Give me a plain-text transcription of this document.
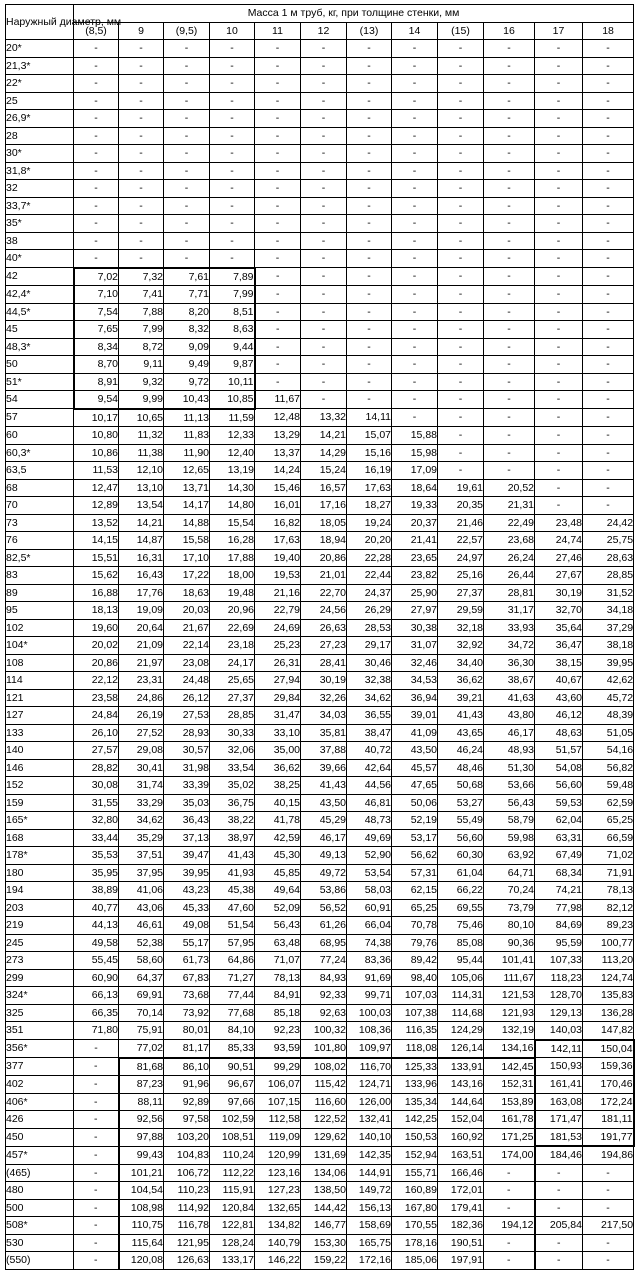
Наружный диаметр, мм	Масса 1 м труб, кг, при толщине стенки, мм											
	(8,5)	9	(9,5)	10	11	12	(13)	14	(15)	16	17	18
20*	-	-	-	-	-	-	-	-	-	-	-	-
21,3*	-	-	-	-	-	-	-	-	-	-	-	-
22*	-	-	-	-	-	-	-	-	-	-	-	-
25	-	-	-	-	-	-	-	-	-	-	-	-
26,9*	-	-	-	-	-	-	-	-	-	-	-	-
28	-	-	-	-	-	-	-	-	-	-	-	-
30*	-	-	-	-	-	-	-	-	-	-	-	-
31,8*	-	-	-	-	-	-	-	-	-	-	-	-
32	-	-	-	-	-	-	-	-	-	-	-	-
33,7*	-	-	-	-	-	-	-	-	-	-	-	-
35*	-	-	-	-	-	-	-	-	-	-	-	-
38	-	-	-	-	-	-	-	-	-	-	-	-
40*	-	-	-	-	-	-	-	-	-	-	-	-
42	7,02	7,32	7,61	7,89	-	-	-	-	-	-	-	-
42,4*	7,10	7,41	7,71	7,99	-	-	-	-	-	-	-	-
44,5*	7,54	7,88	8,20	8,51	-	-	-	-	-	-	-	-
45	7,65	7,99	8,32	8,63	-	-	-	-	-	-	-	-
48,3*	8,34	8,72	9,09	9,44	-	-	-	-	-	-	-	-
50	8,70	9,11	9,49	9,87	-	-	-	-	-	-	-	-
51*	8,91	9,32	9,72	10,11	-	-	-	-	-	-	-	-
54	9,54	9,99	10,43	10,85	11,67	-	-	-	-	-	-	-
57	10,17	10,65	11,13	11,59	12,48	13,32	14,11	-	-	-	-	-
60	10,80	11,32	11,83	12,33	13,29	14,21	15,07	15,88	-	-	-	-
60,3*	10,86	11,38	11,90	12,40	13,37	14,29	15,16	15,98	-	-	-	-
63,5	11,53	12,10	12,65	13,19	14,24	15,24	16,19	17,09	-	-	-	-
68	12,47	13,10	13,71	14,30	15,46	16,57	17,63	18,64	19,61	20,52	-	-
70	12,89	13,54	14,17	14,80	16,01	17,16	18,27	19,33	20,35	21,31	-	-
73	13,52	14,21	14,88	15,54	16,82	18,05	19,24	20,37	21,46	22,49	23,48	24,42
76	14,15	14,87	15,58	16,28	17,63	18,94	20,20	21,41	22,57	23,68	24,74	25,75
82,5*	15,51	16,31	17,10	17,88	19,40	20,86	22,28	23,65	24,97	26,24	27,46	28,63
83	15,62	16,43	17,22	18,00	19,53	21,01	22,44	23,82	25,16	26,44	27,67	28,85
89	16,88	17,76	18,63	19,48	21,16	22,70	24,37	25,90	27,37	28,81	30,19	31,52
95	18,13	19,09	20,03	20,96	22,79	24,56	26,29	27,97	29,59	31,17	32,70	34,18
102	19,60	20,64	21,67	22,69	24,69	26,63	28,53	30,38	32,18	33,93	35,64	37,29
104*	20,02	21,09	22,14	23,18	25,23	27,23	29,17	31,07	32,92	34,72	36,47	38,18
108	20,86	21,97	23,08	24,17	26,31	28,41	30,46	32,46	34,40	36,30	38,15	39,95
114	22,12	23,31	24,48	25,65	27,94	30,19	32,38	34,53	36,62	38,67	40,67	42,62
121	23,58	24,86	26,12	27,37	29,84	32,26	34,62	36,94	39,21	41,63	43,60	45,72
127	24,84	26,19	27,53	28,85	31,47	34,03	36,55	39,01	41,43	43,80	46,12	48,39
133	26,10	27,52	28,93	30,33	33,10	35,81	38,47	41,09	43,65	46,17	48,63	51,05
140	27,57	29,08	30,57	32,06	35,00	37,88	40,72	43,50	46,24	48,93	51,57	54,16
146	28,82	30,41	31,98	33,54	36,62	39,66	42,64	45,57	48,46	51,30	54,08	56,82
152	30,08	31,74	33,39	35,02	38,25	41,43	44,56	47,65	50,68	53,66	56,60	59,48
159	31,55	33,29	35,03	36,75	40,15	43,50	46,81	50,06	53,27	56,43	59,53	62,59
165*	32,80	34,62	36,43	38,22	41,78	45,29	48,73	52,19	55,49	58,79	62,04	65,25
168	33,44	35,29	37,13	38,97	42,59	46,17	49,69	53,17	56,60	59,98	63,31	66,59
178*	35,53	37,51	39,47	41,43	45,30	49,13	52,90	56,62	60,30	63,92	67,49	71,02
180	35,95	37,95	39,95	41,93	45,85	49,72	53,54	57,31	61,04	64,71	68,34	71,91
194	38,89	41,06	43,23	45,38	49,64	53,86	58,03	62,15	66,22	70,24	74,21	78,13
203	40,77	43,06	45,33	47,60	52,09	56,52	60,91	65,25	69,55	73,79	77,98	82,12
219	44,13	46,61	49,08	51,54	56,43	61,26	66,04	70,78	75,46	80,10	84,69	89,23
245	49,58	52,38	55,17	57,95	63,48	68,95	74,38	79,76	85,08	90,36	95,59	100,77
273	55,45	58,60	61,73	64,86	71,07	77,24	83,36	89,42	95,44	101,41	107,33	113,20
299	60,90	64,37	67,83	71,27	78,13	84,93	91,69	98,40	105,06	111,67	118,23	124,74
324*	66,13	69,91	73,68	77,44	84,91	92,33	99,71	107,03	114,31	121,53	128,70	135,83
325	66,35	70,14	73,92	77,68	85,18	92,63	100,03	107,38	114,68	121,93	129,13	136,28
351	71,80	75,91	80,01	84,10	92,23	100,32	108,36	116,35	124,29	132,19	140,03	147,82
356*	-	77,02	81,17	85,33	93,59	101,80	109,97	118,08	126,14	134,16	142,11	150,04
377	-	81,68	86,10	90,51	99,29	108,02	116,70	125,33	133,91	142,45	150,93	159,36
402	-	87,23	91,96	96,67	106,07	115,42	124,71	133,96	143,16	152,31	161,41	170,46
406*	-	88,11	92,89	97,66	107,15	116,60	126,00	135,34	144,64	153,89	163,08	172,24
426	-	92,56	97,58	102,59	112,58	122,52	132,41	142,25	152,04	161,78	171,47	181,11
450	-	97,88	103,20	108,51	119,09	129,62	140,10	150,53	160,92	171,25	181,53	191,77
457*	-	99,43	104,83	110,24	120,99	131,69	142,35	152,94	163,51	174,00	184,46	194,86
(465)	-	101,21	106,72	112,22	123,16	134,06	144,91	155,71	166,46	-	-	-
480	-	104,54	110,23	115,91	127,23	138,50	149,72	160,89	172,01	-	-	-
500	-	108,98	114,92	120,84	132,65	144,42	156,13	167,80	179,41	-	-	-
508*	-	110,75	116,78	122,81	134,82	146,77	158,69	170,55	182,36	194,12	205,84	217,50
530	-	115,64	121,95	128,24	140,79	153,30	165,75	178,16	190,51	-	-	-
(550)	-	120,08	126,63	133,17	146,22	159,22	172,16	185,06	197,91	-	-	-
